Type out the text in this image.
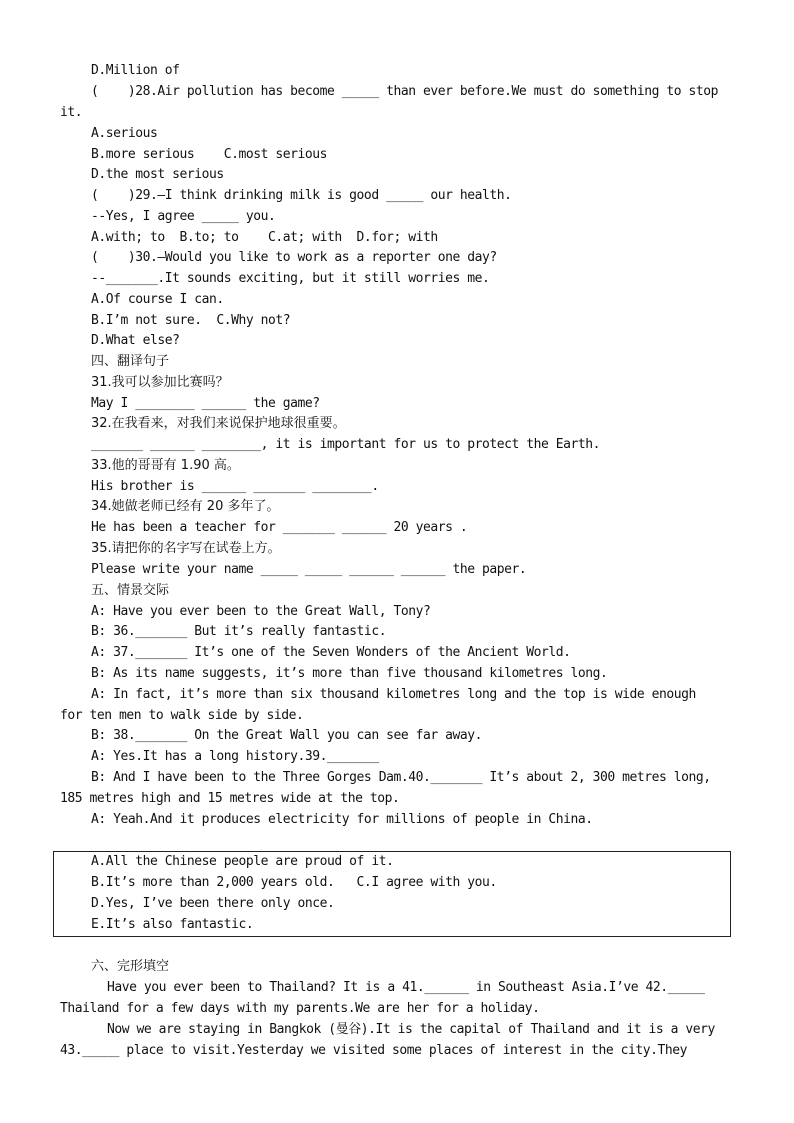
D.Million of
(    )28.Air pollution has become _____ than ever before.We must do something to stop
it.
A.serious
B.more serious    C.most serious
D.the most serious
(    )29.–I think drinking milk is good _____ our health.
--Yes, I agree _____ you.
A.with; to  B.to; to    C.at; with  D.for; with
(    )30.–Would you like to work as a reporter one day?
--_______.It sounds exciting, but it still worries me.
A.Of course I can.
B.I’m not sure.  C.Why not?
D.What else?
四、翻译句子
31.我可以参加比赛吗？
May I ________ ______ the game?
32.在我看来，对我们来说保护地球很重要。
_______ ______ ________, it is important for us to protect the Earth.
33.他的哥哥有 1.90 高。
His brother is ______ _______ ________.
34.她做老师已经有 20 多年了。
He has been a teacher for _______ ______ 20 years .
35.请把你的名字写在试卷上方。
Please write your name _____ _____ ______ ______ the paper.
五、情景交际
A: Have you ever been to the Great Wall, Tony?
B: 36._______ But it’s really fantastic.
A: 37._______ It’s one of the Seven Wonders of the Ancient World.
B: As its name suggests, it’s more than five thousand kilometres long.
A: In fact, it’s more than six thousand kilometres long and the top is wide enough
for ten men to walk side by side.
B: 38._______ On the Great Wall you can see far away.
A: Yes.It has a long history.39._______
B: And I have been to the Three Gorges Dam.40._______ It’s about 2, 300 metres long,
185 metres high and 15 metres wide at the top.
A: Yeah.And it produces electricity for millions of people in China.
A.All the Chinese people are proud of it.
B.It’s more than 2,000 years old.   C.I agree with you.
D.Yes, I’ve been there only once.
E.It’s also fantastic.
六、完形填空
Have you ever been to Thailand? It is a 41.______ in Southeast Asia.I’ve 42._____
Thailand for a few days with my parents.We are her for a holiday.
Now we are staying in Bangkok (曼谷).It is the capital of Thailand and it is a very
43._____ place to visit.Yesterday we visited some places of interest in the city.They
